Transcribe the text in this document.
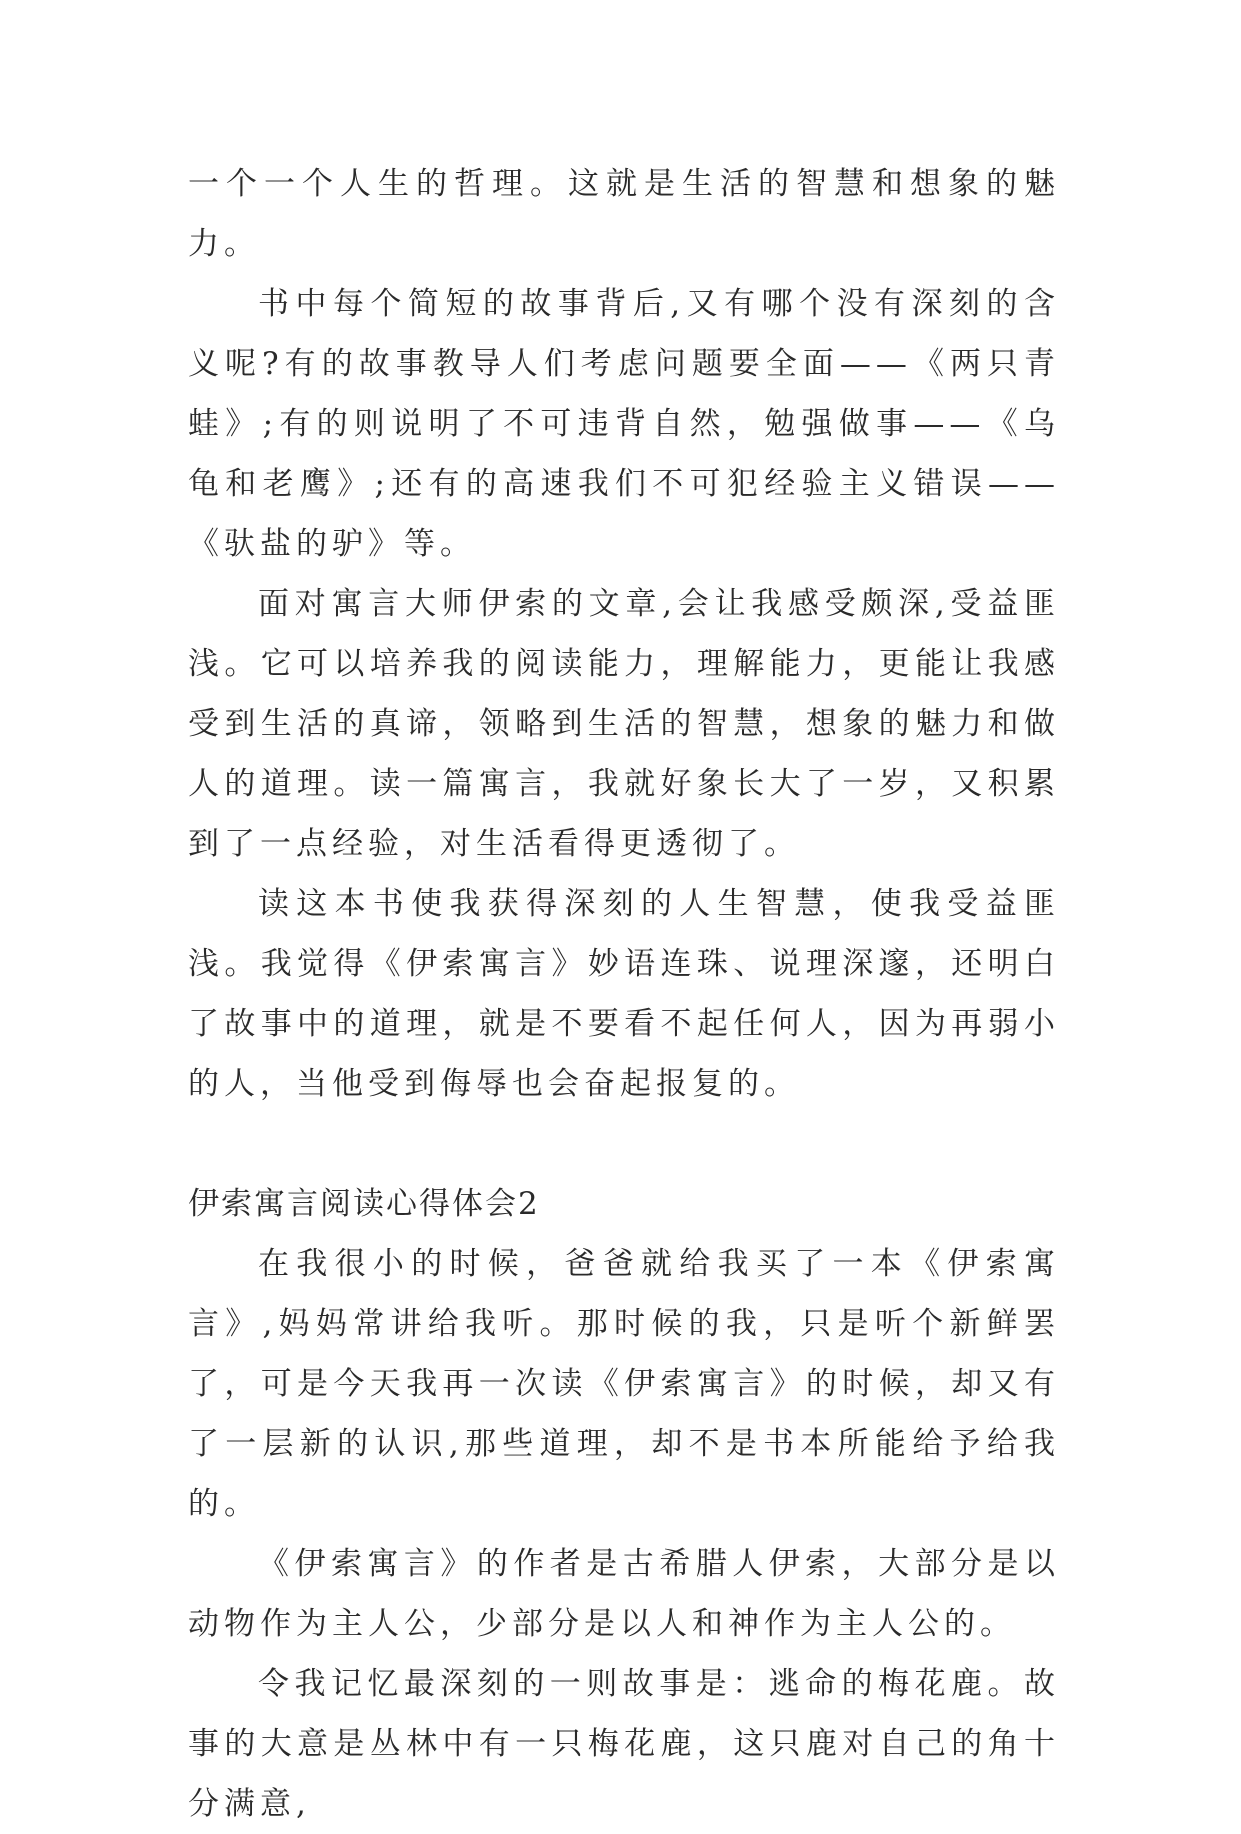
一个一个人生的哲理。这就是生活的智慧和想象的魅力。

书中每个简短的故事背后,又有哪个没有深刻的含义呢?有的故事教导人们考虑问题要全面——《两只青蛙》;有的则说明了不可违背自然，勉强做事——《乌龟和老鹰》;还有的高速我们不可犯经验主义错误——《驮盐的驴》等。

面对寓言大师伊索的文章,会让我感受颇深,受益匪浅。它可以培养我的阅读能力，理解能力，更能让我感受到生活的真谛，领略到生活的智慧，想象的魅力和做人的道理。读一篇寓言，我就好象长大了一岁，又积累到了一点经验，对生活看得更透彻了。

读这本书使我获得深刻的人生智慧，使我受益匪浅。我觉得《伊索寓言》妙语连珠、说理深邃，还明白了故事中的道理，就是不要看不起任何人，因为再弱小的人，当他受到侮辱也会奋起报复的。

伊索寓言阅读心得体会2

在我很小的时候，爸爸就给我买了一本《伊索寓言》,妈妈常讲给我听。那时候的我，只是听个新鲜罢了，可是今天我再一次读《伊索寓言》的时候，却又有了一层新的认识,那些道理，却不是书本所能给予给我的。

《伊索寓言》的作者是古希腊人伊索，大部分是以动物作为主人公，少部分是以人和神作为主人公的。

令我记忆最深刻的一则故事是：逃命的梅花鹿。故事的大意是丛林中有一只梅花鹿，这只鹿对自己的角十分满意,
